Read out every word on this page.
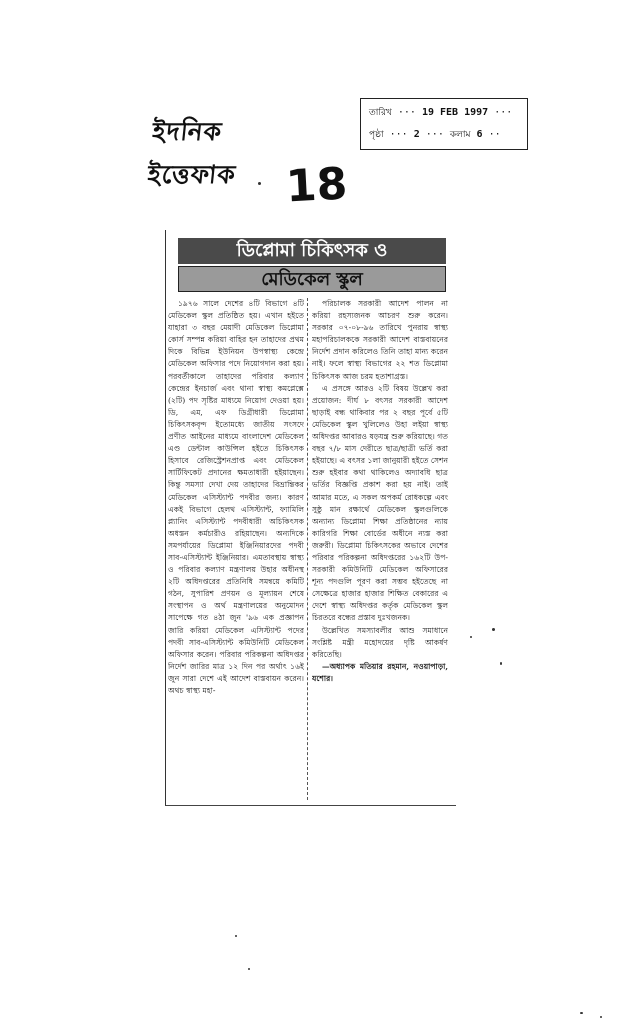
ইদনিক ইত্তেফাক
তারিখ ··· 19 FEB 1997 ···
পৃষ্ঠা ··· 2 ··· কলাম 6 ··
18
ডিপ্লোমা চিকিৎসক ও
মেডিকেল স্কুল

১৯৭৬ সালে দেশের ৪টি বিভাগে ৪টি মেডিকেল স্কুল প্রতিষ্ঠিত হয়। এখান হইতে যাহারা ৩ বছর মেয়াদী মেডিকেল ডিপ্লোমা কোর্স সম্পন্ন করিয়া বাহির হন তাহাদের প্রথম দিকে বিভিন্ন ইউনিয়ন উপস্বাস্থ্য কেন্দ্রে মেডিকেল অফিসার পদে নিয়োগদান করা হয়। পরবর্তীকালে তাহাদের পরিবার কল্যাণ কেন্দ্রের ইনচার্জ এবং থানা স্বাস্থ্য কমপ্লেক্সে (২টি) পদ সৃষ্টির মাধ্যমে নিয়োগ দেওয়া হয়। ডি, এম, এফ ডিগ্রীধারী ডিপ্লোমা চিকিৎসকবৃন্দ ইতোমধ্যে জাতীয় সংসদে প্রণীত আইনের মাধ্যমে বাংলাদেশ মেডিকেল এণ্ড ডেন্টাল কাউন্সিল হইতে চিকিৎসক হিসাবে রেজিস্ট্রেশনপ্রাপ্ত এবং মেডিকেল সার্টিফিকেট প্রদানের ক্ষমতাধারী হইয়াছেন। কিন্তু সমস্যা দেখা দেয় তাহাদের বিভ্রান্তিকর মেডিকেল এসিস্ট্যান্ট পদবীর জন্য। কারণ একই বিভাগে হেলথ এসিস্ট্যান্ট, ফ্যামিলি প্ল্যানিং এসিস্ট্যান্ট পদবীধারী অচিকিৎসক অধস্তন কর্মচারীও রহিয়াছেন। অন্যদিকে সমপর্যায়ের ডিপ্লোমা ইঞ্জিনিয়ারদের পদবী সাব-এসিস্ট্যান্ট ইঞ্জিনিয়ার। এমতাবস্থায় স্বাস্থ্য ও পরিবার কল্যাণ মন্ত্রণালয় উহার অধীনস্থ ২টি অধিদপ্তরের প্রতিনিধি সমন্বয়ে কমিটি গঠন, সুপারিশ প্রণয়ন ও মূল্যায়ন শেষে সংস্থাপন ও অর্থ মন্ত্রণালয়ের অনুমোদন সাপেক্ষে গত ৪ঠা জুন '৯৬ এক প্রজ্ঞাপন জারি করিয়া মেডিকেল এসিস্ট্যান্ট পদের পদবী সাব-এসিস্ট্যান্ট কমিউনিটি মেডিকেল অফিসার করেন। পরিবার পরিকল্পনা অধিদপ্তর নির্দেশ জারির মাত্র ১২ দিন পর অর্থাৎ ১৬ই জুন সারা দেশে এই আদেশ বাস্তবায়ন করেন। অথচ স্বাস্থ্য মহা-

পরিচালক সরকারী আদেশ পালন না করিয়া রহস্যজনক আচরণ শুরু করেন। সরকার ০৭-০৮-৯৬ তারিখে পুনরায় স্বাস্থ্য মহাপরিচালককে সরকারী আদেশ বাস্তবায়নের নির্দেশ প্রদান করিলেও তিনি তাহা মান্য করেন নাই। ফলে স্বাস্থ্য বিভাগের ২২ শত ডিপ্লোমা চিকিৎসক আজ চরম হতাশাগ্রস্ত।

এ প্রসঙ্গে আরও ২টি বিষয় উল্লেখ করা প্রয়োজন: দীর্ঘ ৮ বৎসর সরকারী আদেশ ছাড়াই বন্ধ থাকিবার পর ২ বছর পূর্বে ৫টি মেডিকেল স্কুল খুলিলেও উহা লইয়া স্বাস্থ্য অধিদপ্তর আবারও ষড়যন্ত্র শুরু করিয়াছে। গত বছর ৭/৮ মাস দেরীতে ছাত্র/ছাত্রী ভর্তি করা হইয়াছে। এ বৎসর ১লা জানুয়ারী হইতে সেশন শুরু হইবার কথা থাকিলেও অদ্যাবধি ছাত্র ভর্তির বিজ্ঞপ্তি প্রকাশ করা হয় নাই। তাই আমার মতে, এ সকল অপকর্ম রোধকল্পে এবং সুষ্ঠু মান রক্ষার্থে মেডিকেল স্কুলগুলিকে অন্যান্য ডিপ্লোমা শিক্ষা প্রতিষ্ঠানের ন্যায় কারিগরি শিক্ষা বোর্ডের অধীনে ন্যস্ত করা জরুরী। ডিপ্লোমা চিকিৎসকের অভাবে দেশের পরিবার পরিকল্পনা অধিদপ্তরের ১৬২টি উপ-সরকারী কমিউনিটি মেডিকেল অফিসারের শূন্য পদগুলি পূরণ করা সম্ভব হইতেছে না সেক্ষেত্রে হাজার হাজার শিক্ষিত বেকারের এ দেশে স্বাস্থ্য অধিদপ্তর কর্তৃক মেডিকেল স্কুল চিরতরে বন্ধের প্রস্তাব দুঃখজনক।

উল্লেখিত সমস্যাবলীর আশু সমাধানে সংশ্লিষ্ট মন্ত্রী মহোদয়ের দৃষ্টি আকর্ষণ করিতেছি।

—অধ্যাপক মতিয়ার রহমান, নওয়াপাড়া, যশোর।
